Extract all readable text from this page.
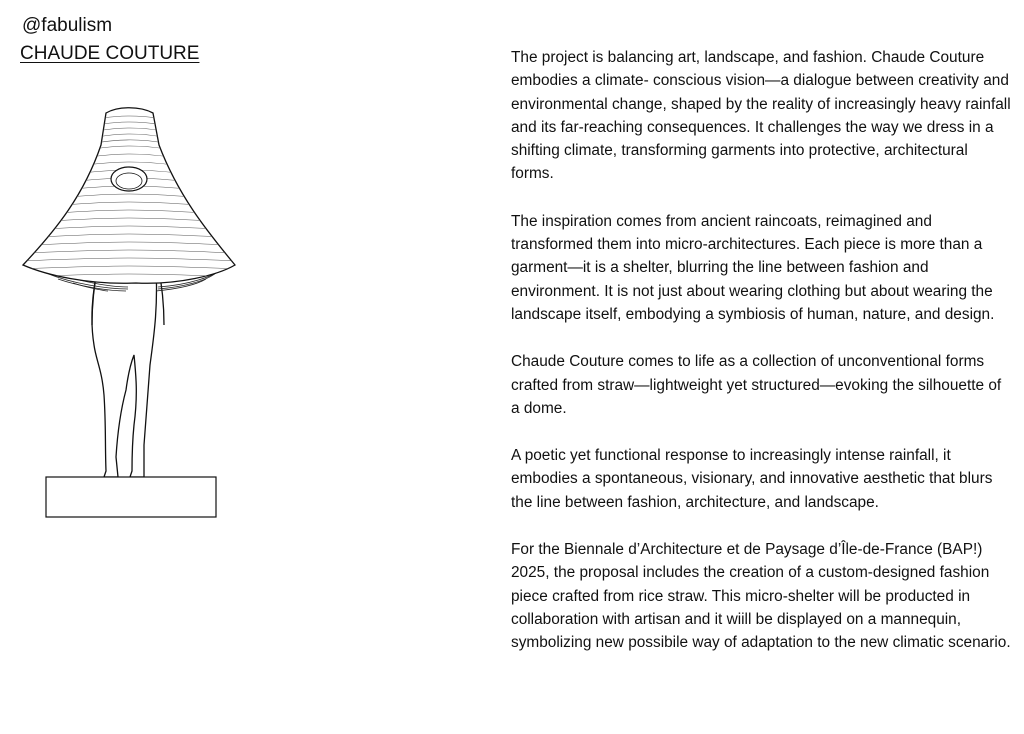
@fabulism
CHAUDE COUTURE	The project is balancing art, landscape, and fashion. Chaude Couture embodies a climate- conscious vision—a dialogue between creativity and environmental change, shaped by the reality of increasingly heavy rainfall and its far-reaching consequences. It challenges the way we dress in a shifting climate, transforming garments into protective, architectural forms.

The inspiration comes from ancient raincoats, reimagined and transformed them into micro-architectures. Each piece is more than a garment—it is a shelter, blurring the line between fashion and environment. It is not just about wearing clothing but about wearing the landscape itself, embodying a symbiosis of human, nature, and design.

Chaude Couture comes to life as a collection of unconventional forms crafted from straw—lightweight yet structured—evoking the silhouette of a dome.

A poetic yet functional response to increasingly intense rainfall, it embodies a spontaneous, visionary, and innovative aesthetic that blurs the line between fashion, architecture, and landscape.

For the Biennale d’Architecture et de Paysage d’Île-de-France (BAP!) 2025, the proposal includes the creation of a custom-designed fashion piece crafted from rice straw. This micro-shelter will be producted in collaboration with artisan and it wiill be displayed on a mannequin, symbolizing new possibile way of adaptation to the new climatic scenario.
